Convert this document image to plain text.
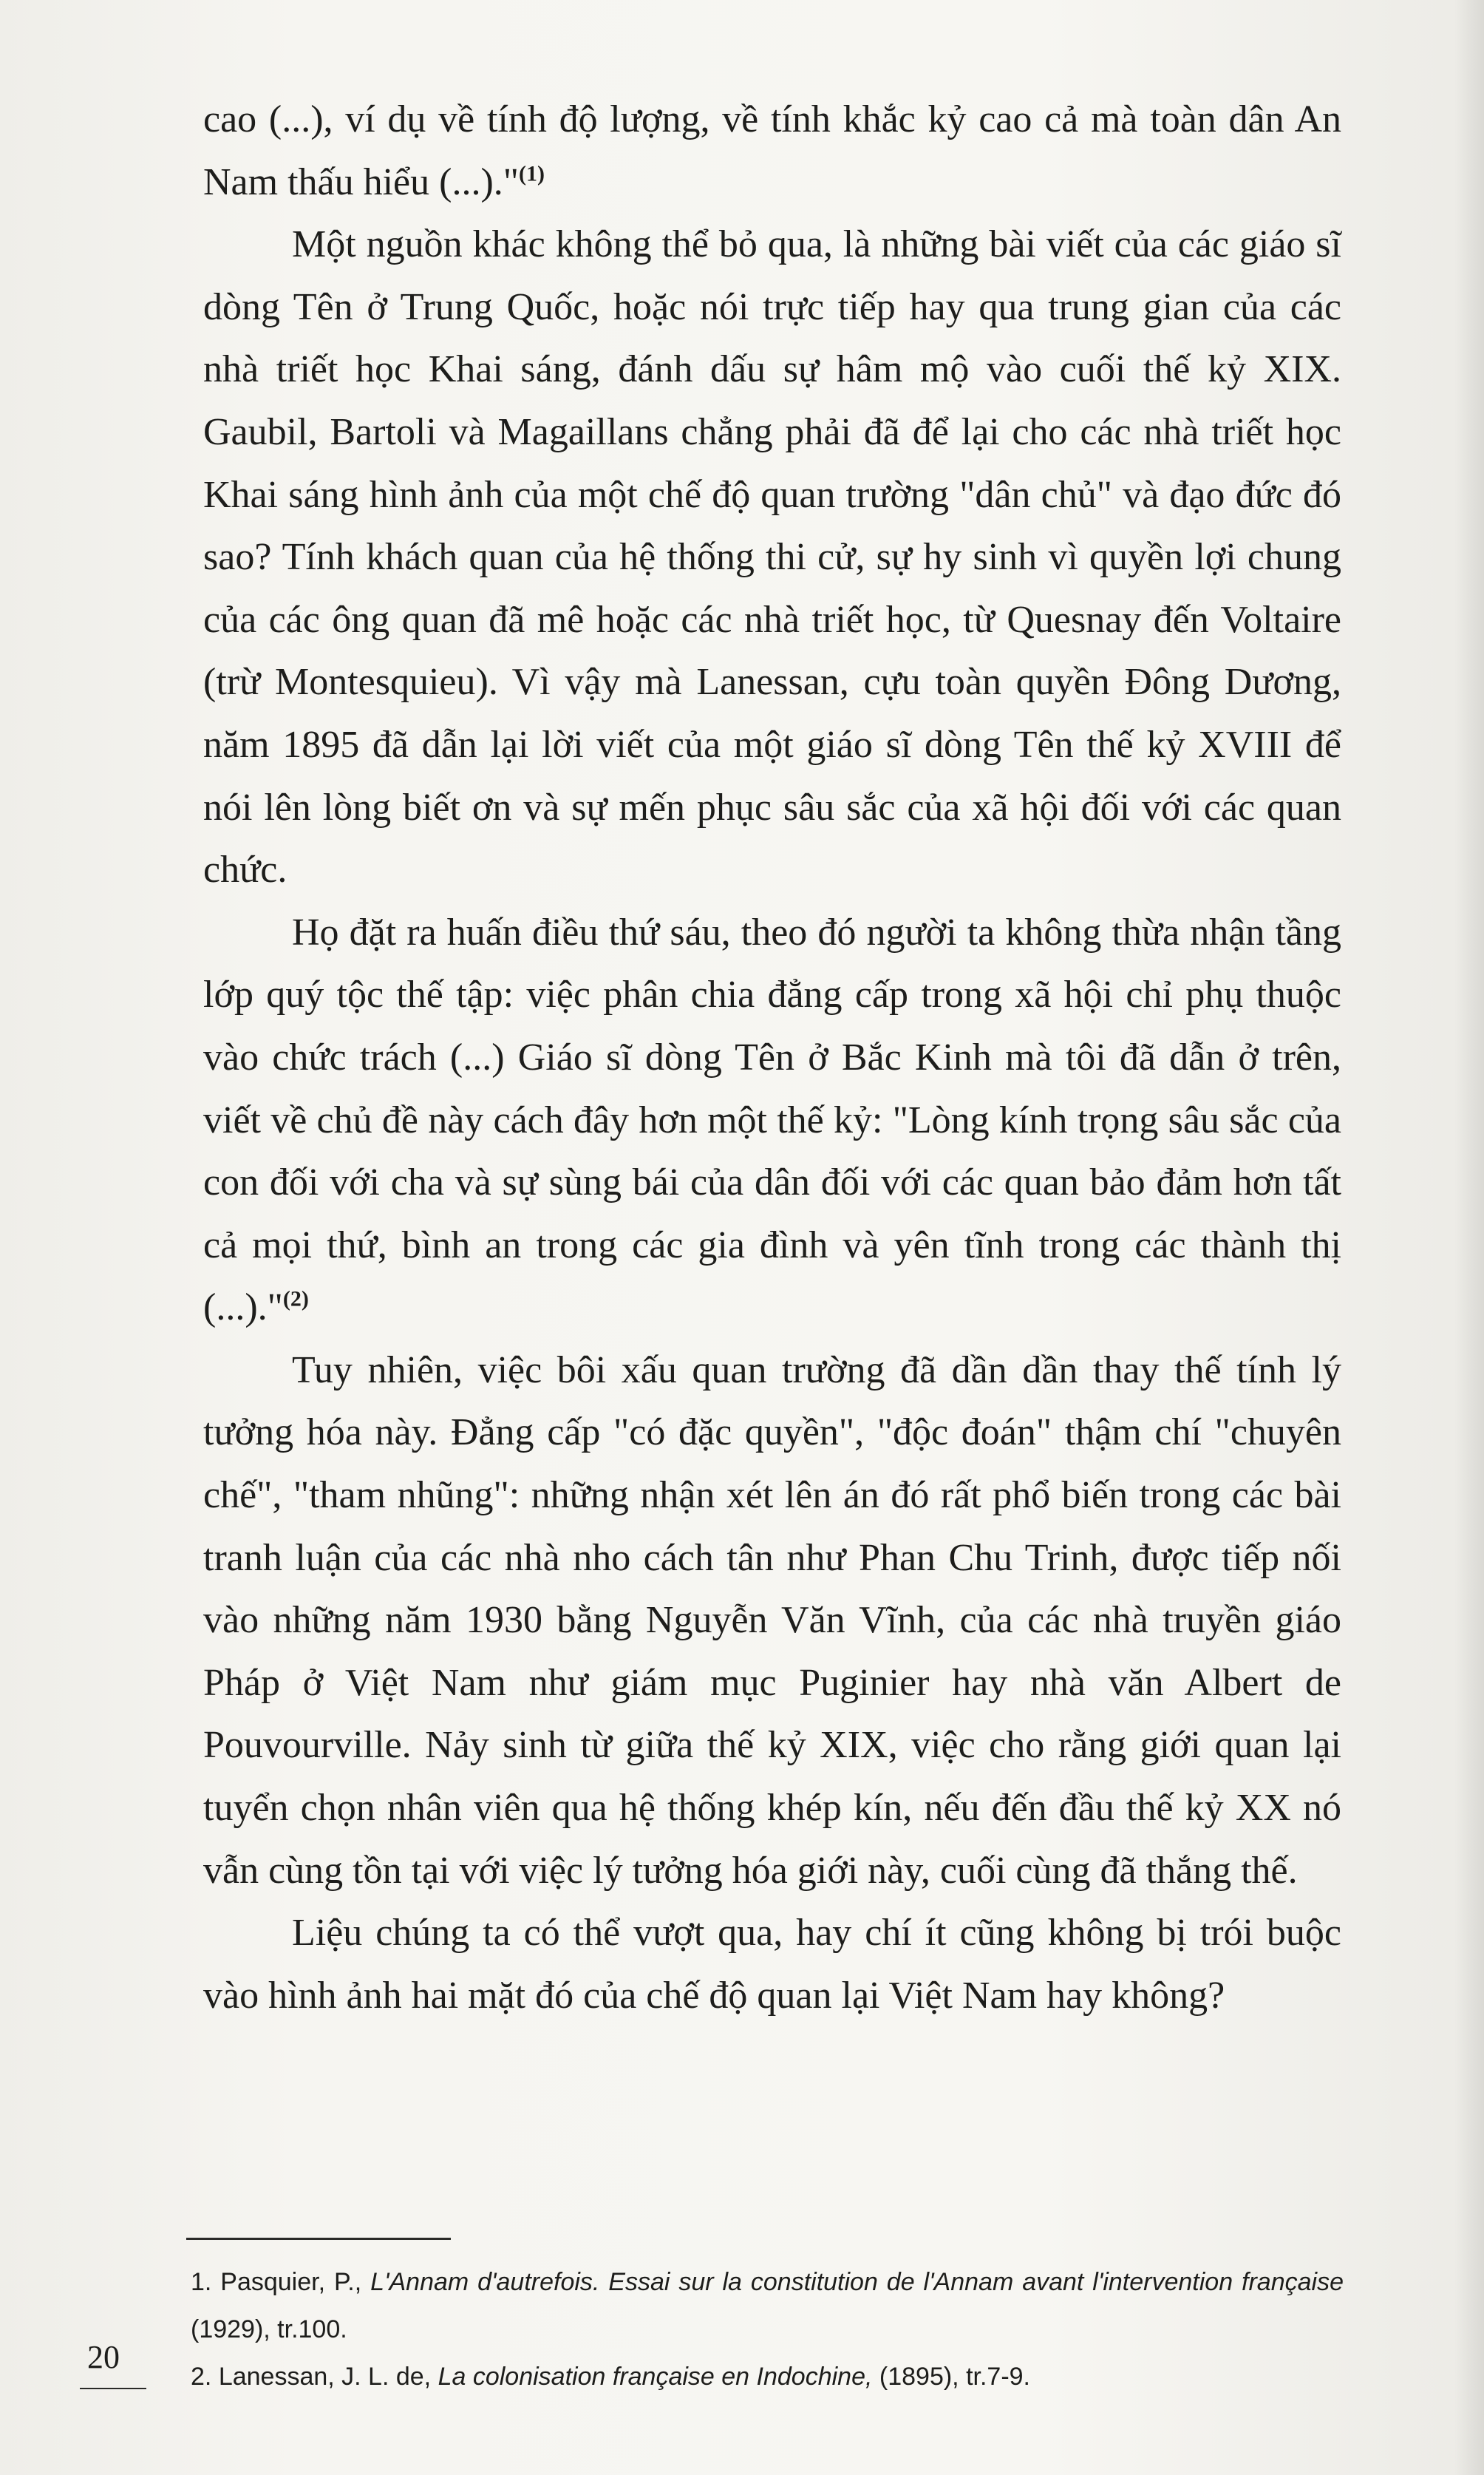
cao (...), ví dụ về tính độ lượng, về tính khắc kỷ cao cả mà toàn dân An Nam thấu hiểu (...)."$^{(1)}$

Một nguồn khác không thể bỏ qua, là những bài viết của các giáo sĩ dòng Tên ở Trung Quốc, hoặc nói trực tiếp hay qua trung gian của các nhà triết học Khai sáng, đánh dấu sự hâm mộ vào cuối thế kỷ XIX. Gaubil, Bartoli và Magaillans chẳng phải đã để lại cho các nhà triết học Khai sáng hình ảnh của một chế độ quan trường "dân chủ" và đạo đức đó sao? Tính khách quan của hệ thống thi cử, sự hy sinh vì quyền lợi chung của các ông quan đã mê hoặc các nhà triết học, từ Quesnay đến Voltaire (trừ Montesquieu). Vì vậy mà Lanessan, cựu toàn quyền Đông Dương, năm 1895 đã dẫn lại lời viết của một giáo sĩ dòng Tên thế kỷ XVIII để nói lên lòng biết ơn và sự mến phục sâu sắc của xã hội đối với các quan chức.

Họ đặt ra huấn điều thứ sáu, theo đó người ta không thừa nhận tầng lớp quý tộc thế tập: việc phân chia đẳng cấp trong xã hội chỉ phụ thuộc vào chức trách (...) Giáo sĩ dòng Tên ở Bắc Kinh mà tôi đã dẫn ở trên, viết về chủ đề này cách đây hơn một thế kỷ: "Lòng kính trọng sâu sắc của con đối với cha và sự sùng bái của dân đối với các quan bảo đảm hơn tất cả mọi thứ, bình an trong các gia đình và yên tĩnh trong các thành thị (...)."$^{(2)}$

Tuy nhiên, việc bôi xấu quan trường đã dần dần thay thế tính lý tưởng hóa này. Đẳng cấp "có đặc quyền", "độc đoán" thậm chí "chuyên chế", "tham nhũng": những nhận xét lên án đó rất phổ biến trong các bài tranh luận của các nhà nho cách tân như Phan Chu Trinh, được tiếp nối vào những năm 1930 bằng Nguyễn Văn Vĩnh, của các nhà truyền giáo Pháp ở Việt Nam như giám mục Puginier hay nhà văn Albert de Pouvourville. Nảy sinh từ giữa thế kỷ XIX, việc cho rằng giới quan lại tuyển chọn nhân viên qua hệ thống khép kín, nếu đến đầu thế kỷ XX nó vẫn cùng tồn tại với việc lý tưởng hóa giới này, cuối cùng đã thắng thế.

Liệu chúng ta có thể vượt qua, hay chí ít cũng không bị trói buộc vào hình ảnh hai mặt đó của chế độ quan lại Việt Nam hay không?

1. Pasquier, P., L'Annam d'autrefois. Essai sur la constitution de l'Annam avant l'intervention française (1929), tr.100.

2. Lanessan, J. L. de, La colonisation française en Indochine, (1895), tr.7-9.

20
